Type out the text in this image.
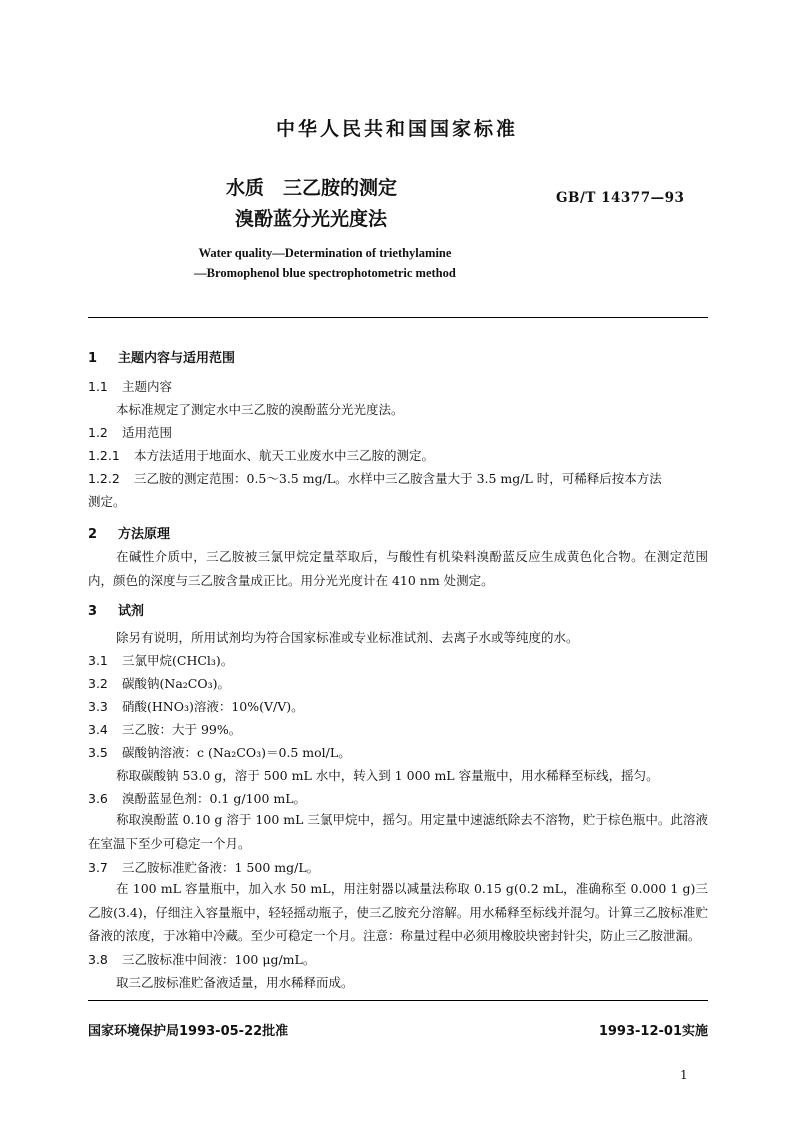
中华人民共和国国家标准
水质　三乙胺的测定
溴酚蓝分光光度法
GB/T 14377—93
Water quality—Determination of triethylamine
—Bromophenol blue spectrophotometric method
1 主题内容与适用范围
1.1 主题内容
本标准规定了测定水中三乙胺的溴酚蓝分光光度法。
1.2 适用范围
1.2.1 本方法适用于地面水、航天工业废水中三乙胺的测定。
1.2.2 三乙胺的测定范围：0.5～3.5 mg/L。水样中三乙胺含量大于 3.5 mg/L 时，可稀释后按本方法
测定。
2 方法原理
在碱性介质中，三乙胺被三氯甲烷定量萃取后，与酸性有机染料溴酚蓝反应生成黄色化合物。在测定范围内，颜色的深度与三乙胺含量成正比。用分光光度计在 410 nm 处测定。
3 试剂
除另有说明，所用试剂均为符合国家标准或专业标准试剂、去离子水或等纯度的水。
3.1 三氯甲烷(CHCl₃)。
3.2 碳酸钠(Na₂CO₃)。
3.3 硝酸(HNO₃)溶液：10%(V/V)。
3.4 三乙胺：大于 99%。
3.5 碳酸钠溶液：c (Na₂CO₃)＝0.5 mol/L。
称取碳酸钠 53.0 g，溶于 500 mL 水中，转入到 1 000 mL 容量瓶中，用水稀释至标线，摇匀。
3.6 溴酚蓝显色剂：0.1 g/100 mL。
称取溴酚蓝 0.10 g 溶于 100 mL 三氯甲烷中，摇匀。用定量中速滤纸除去不溶物，贮于棕色瓶中。此溶液在室温下至少可稳定一个月。
3.7 三乙胺标准贮备液：1 500 mg/L。
在 100 mL 容量瓶中，加入水 50 mL，用注射器以减量法称取 0.15 g(0.2 mL，准确称至 0.000 1 g)三乙胺(3.4)，仔细注入容量瓶中，轻轻摇动瓶子，使三乙胺充分溶解。用水稀释至标线并混匀。计算三乙胺标准贮备液的浓度，于冰箱中冷藏。至少可稳定一个月。注意：称量过程中必须用橡胶块密封针尖，防止三乙胺泄漏。
3.8 三乙胺标准中间液：100 μg/mL。
取三乙胺标准贮备液适量，用水稀释而成。
国家环境保护局1993-05-22批准	1993-12-01实施
1
